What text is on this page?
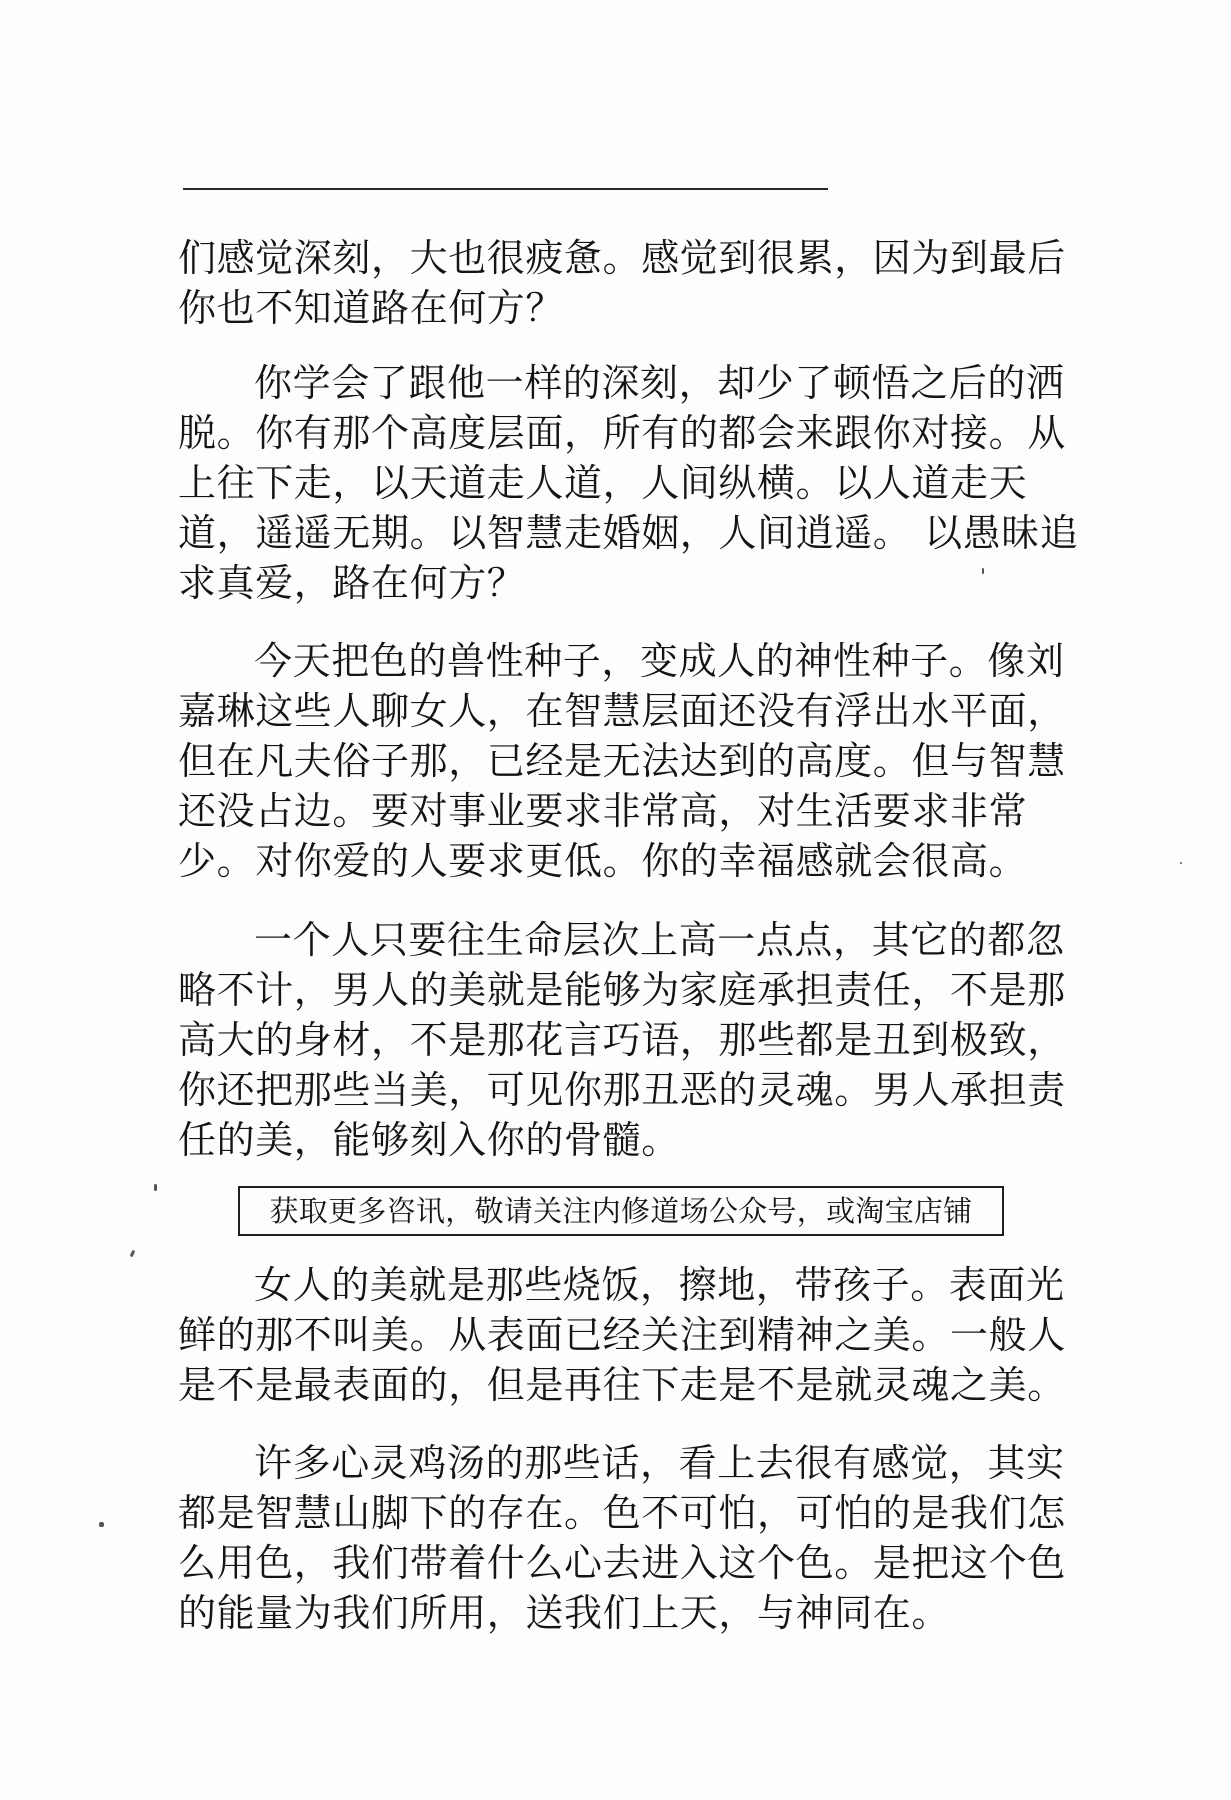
们感觉深刻，大也很疲惫。感觉到很累，因为到最后你也不知道路在何方？

你学会了跟他一样的深刻，却少了顿悟之后的洒脱。你有那个高度层面，所有的都会来跟你对接。从上往下走，以天道走人道，人间纵横。以人道走天道，遥遥无期。以智慧走婚姻，人间逍遥。 以愚昧追求真爱，路在何方？

今天把色的兽性种子，变成人的神性种子。像刘嘉琳这些人聊女人，在智慧层面还没有浮出水平面，但在凡夫俗子那，已经是无法达到的高度。但与智慧还没占边。要对事业要求非常高，对生活要求非常少。对你爱的人要求更低。你的幸福感就会很高。

一个人只要往生命层次上高一点点，其它的都忽略不计，男人的美就是能够为家庭承担责任，不是那高大的身材，不是那花言巧语，那些都是丑到极致，你还把那些当美，可见你那丑恶的灵魂。男人承担责任的美，能够刻入你的骨髓。

获取更多咨讯，敬请关注内修道场公众号，或淘宝店铺

女人的美就是那些烧饭，擦地，带孩子。表面光鲜的那不叫美。从表面已经关注到精神之美。一般人是不是最表面的，但是再往下走是不是就灵魂之美。

许多心灵鸡汤的那些话，看上去很有感觉，其实都是智慧山脚下的存在。色不可怕，可怕的是我们怎么用色，我们带着什么心去进入这个色。是把这个色的能量为我们所用，送我们上天，与神同在。
